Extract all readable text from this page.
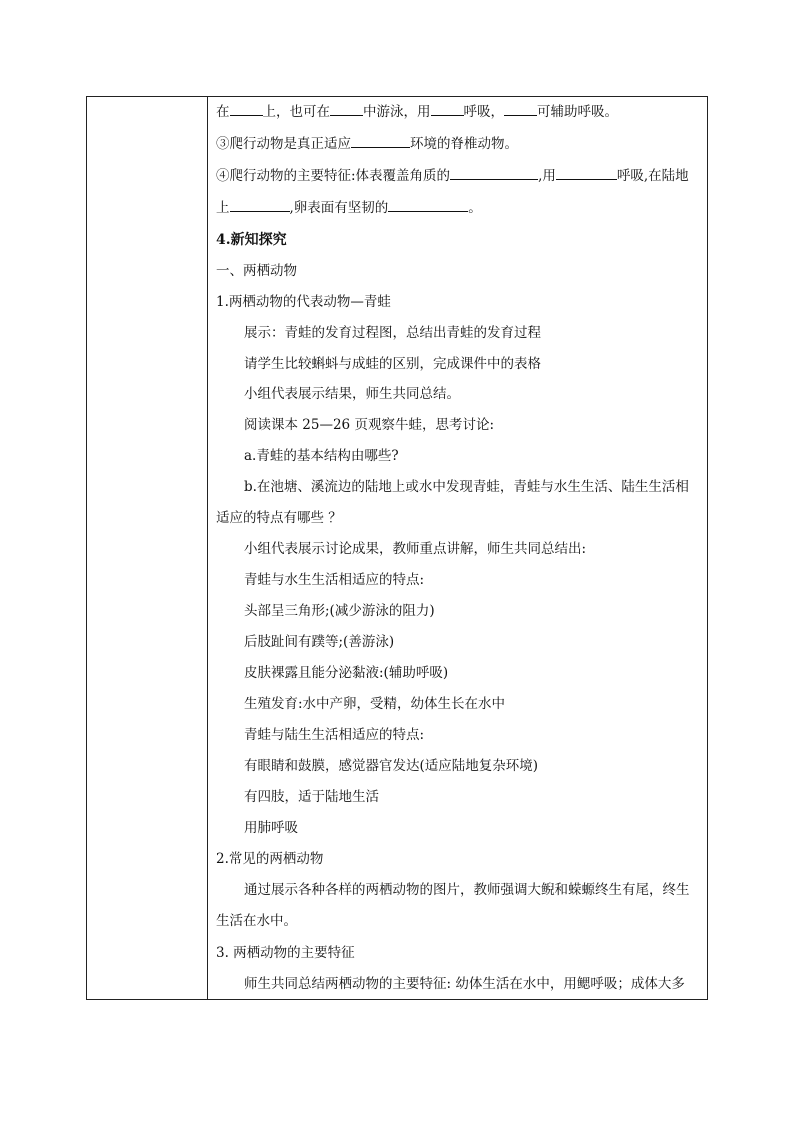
在 上，也可在 中游泳，用 呼吸， 可辅助呼吸。
③爬行动物是真正适应	环境的脊椎动物。
④爬行动物的主要特征:体表覆盖角质的	,用	呼吸,在陆地
上	,卵表面有坚韧的	。
4.新知探究
一、两栖动物
1.两栖动物的代表动物—青蛙
展示：青蛙的发育过程图，总结出青蛙的发育过程
请学生比较蝌蚪与成蛙的区别，完成课件中的表格
小组代表展示结果，师生共同总结。
阅读课本 25—26 页观察牛蛙，思考讨论:
a.青蛙的基本结构由哪些?
b.在池塘、溪流边的陆地上或水中发现青蛙，青蛙与水生生活、陆生生活相
适应的特点有哪些 ？
小组代表展示讨论成果，教师重点讲解，师生共同总结出:
青蛙与水生生活相适应的特点:
头部呈三角形;(减少游泳的阻力)
后肢趾间有蹼等;(善游泳)
皮肤裸露且能分泌黏液:(辅助呼吸)
生殖发育:水中产卵，受精，幼体生长在水中
青蛙与陆生生活相适应的特点:
有眼睛和鼓膜，感觉器官发达(适应陆地复杂环境)
有四肢，适于陆地生活
用肺呼吸
2.常见的两栖动物
通过展示各种各样的两栖动物的图片，教师强调大鲵和蝾螈终生有尾，终生
生活在水中。
3. 两栖动物的主要特征
师生共同总结两栖动物的主要特征: 幼体生活在水中，用鳃呼吸；成体大多
